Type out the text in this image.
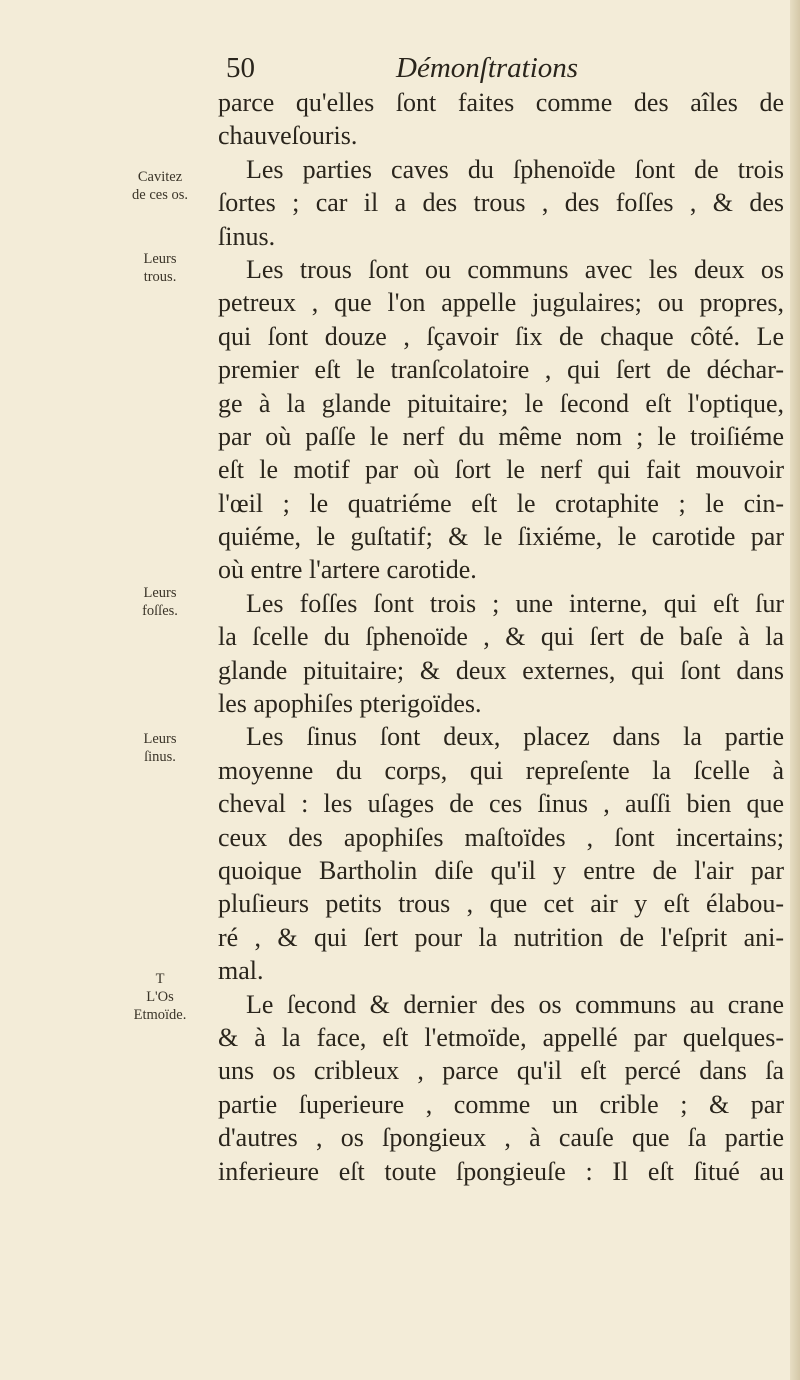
50	Démonſtrations
Cavitez
de ces os.
Leurs
trous.
Leurs
foſſes.
Leurs
ſinus.
T
L'Os
Etmoïde.
parce qu'elles ſont faites comme des aîles de
chauveſouris.
Les parties caves du ſphenoïde ſont de trois
ſortes ; car il a des trous , des foſſes , & des
ſinus.
Les trous ſont ou communs avec les deux os
petreux , que l'on appelle jugulaires; ou propres,
qui ſont douze , ſçavoir ſix de chaque côté. Le
premier eſt le tranſcolatoire , qui ſert de déchar-
ge à la glande pituitaire; le ſecond eſt l'optique,
par où paſſe le nerf du même nom ; le troiſiéme
eſt le motif par où ſort le nerf qui fait mouvoir
l'œil ; le quatriéme eſt le crotaphite ; le cin-
quiéme, le guſtatif; & le ſixiéme, le carotide par
où entre l'artere carotide.
Les foſſes ſont trois ; une interne, qui eſt ſur
la ſcelle du ſphenoïde , & qui ſert de baſe à la
glande pituitaire; & deux externes, qui ſont dans
les apophiſes pterigoïdes.
Les ſinus ſont deux, placez dans la partie
moyenne du corps, qui repreſente la ſcelle à
cheval : les uſages de ces ſinus , auſſi bien que
ceux des apophiſes maſtoïdes , ſont incertains;
quoique Bartholin diſe qu'il y entre de l'air par
pluſieurs petits trous , que cet air y eſt élabou-
ré , & qui ſert pour la nutrition de l'eſprit ani-
mal.
Le ſecond & dernier des os communs au crane
& à la face, eſt l'etmoïde, appellé par quelques-
uns os cribleux , parce qu'il eſt percé dans ſa
partie ſuperieure , comme un crible ; & par
d'autres , os ſpongieux , à cauſe que ſa partie
inferieure eſt toute ſpongieuſe : Il eſt ſitué au
